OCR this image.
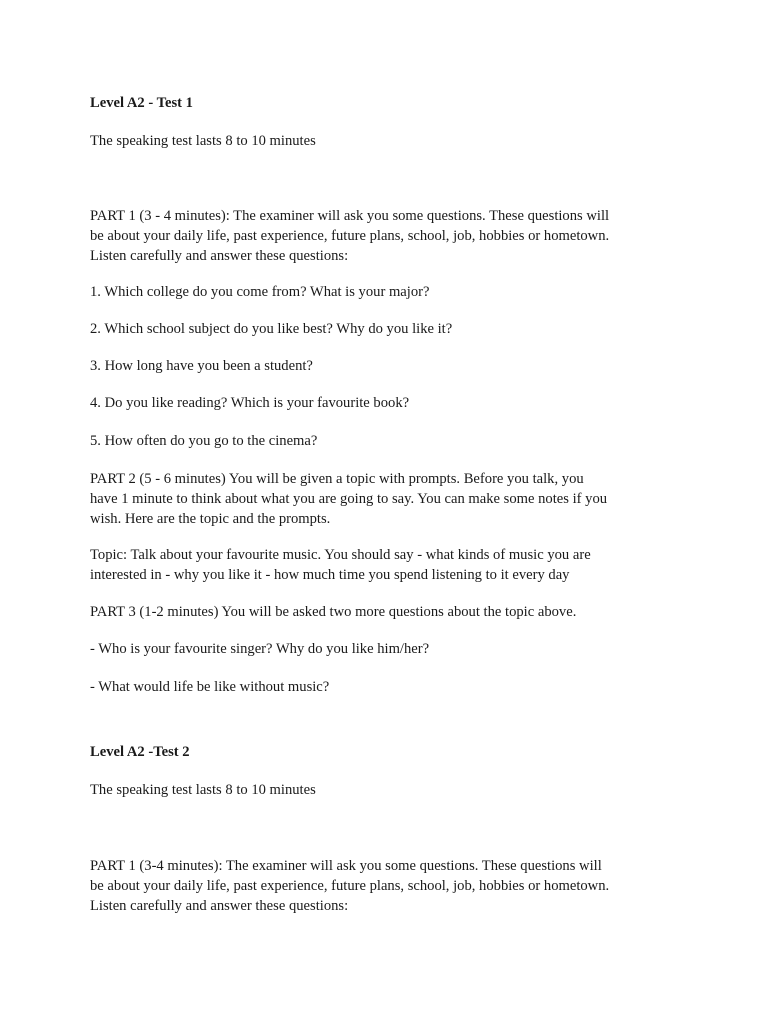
Level A2 - Test 1

The speaking test lasts 8 to 10 minutes

PART 1 (3 - 4 minutes): The examiner will ask you some questions. These questions will
be about your daily life, past experience, future plans, school, job, hobbies or hometown.
Listen carefully and answer these questions:

1. Which college do you come from? What is your major?

2. Which school subject do you like best? Why do you like it?

3. How long have you been a student?

4. Do you like reading? Which is your favourite book?

5. How often do you go to the cinema?

PART 2 (5 - 6 minutes) You will be given a topic with prompts. Before you talk, you
have 1 minute to think about what you are going to say. You can make some notes if you
wish. Here are the topic and the prompts.

Topic: Talk about your favourite music. You should say - what kinds of music you are
interested in - why you like it - how much time you spend listening to it every day

PART 3 (1-2 minutes) You will be asked two more questions about the topic above.

- Who is your favourite singer? Why do you like him/her?

- What would life be like without music?

Level A2 -Test 2

The speaking test lasts 8 to 10 minutes

PART 1 (3-4 minutes): The examiner will ask you some questions. These questions will
be about your daily life, past experience, future plans, school, job, hobbies or hometown.
Listen carefully and answer these questions:
